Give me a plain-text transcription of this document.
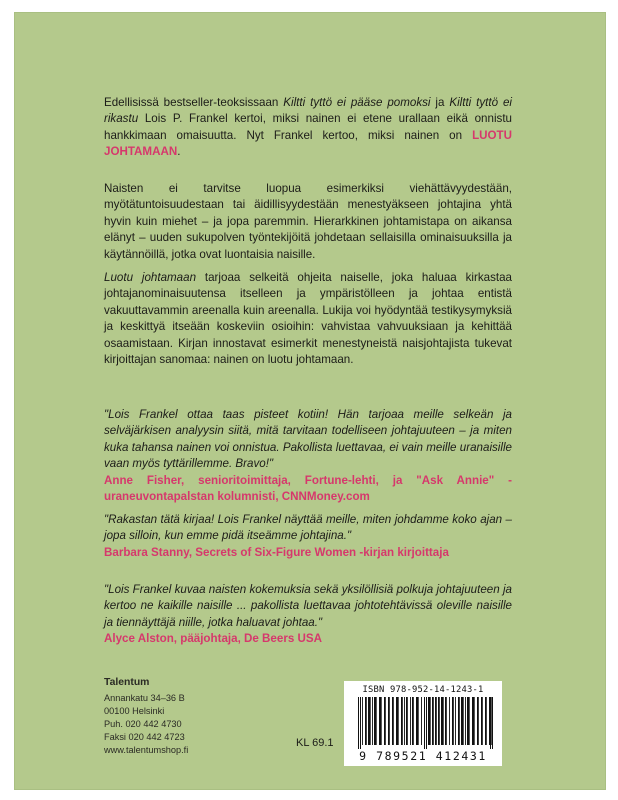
Edellisissä bestseller-teoksissaan Kiltti tyttö ei pääse pomoksi ja Kiltti tyttö ei rikastu Lois P. Frankel kertoi, miksi nainen ei etene urallaan eikä onnistu hankkimaan omaisuutta. Nyt Frankel kertoo, miksi nainen on LUOTU JOHTAMAAN.

Naisten ei tarvitse luopua esimerkiksi viehättävyydestään, myötätuntoisuudestaan tai äidillisyydestään menestyäkseen johtajina yhtä hyvin kuin miehet – ja jopa paremmin. Hierarkkinen johtamistapa on aikansa elänyt – uuden sukupolven työntekijöitä johdetaan sellaisilla ominaisuuksilla ja käytännöillä, jotka ovat luontaisia naisille.

Luotu johtamaan tarjoaa selkeitä ohjeita naiselle, joka haluaa kirkastaa johtajanominaisuutensa itselleen ja ympäristölleen ja johtaa entistä vakuuttavammin areenalla kuin areenalla. Lukija voi hyödyntää testikysymyksiä ja keskittyä itseään koskeviin osioihin: vahvistaa vahvuuksiaan ja kehittää osaamistaan. Kirjan innostavat esimerkit menestyneistä naisjohtajista tukevat kirjoittajan sanomaa: nainen on luotu johtamaan.

"Lois Frankel ottaa taas pisteet kotiin! Hän tarjoaa meille selkeän ja selväjärkisen analyysin siitä, mitä tarvitaan todelliseen johtajuuteen – ja miten kuka tahansa nainen voi onnistua. Pakollista luettavaa, ei vain meille uranaisille vaan myös tyttärillemme. Bravo!"
Anne Fisher, senioritoimittaja, Fortune-lehti, ja "Ask Annie" -uraneuvontapalstan kolumnisti, CNNMoney.com

"Rakastan tätä kirjaa! Lois Frankel näyttää meille, miten johdamme koko ajan – jopa silloin, kun emme pidä itseämme johtajina."
Barbara Stanny, Secrets of Six-Figure Women -kirjan kirjoittaja

"Lois Frankel kuvaa naisten kokemuksia sekä yksilöllisiä polkuja johtajuuteen ja kertoo ne kaikille naisille ... pakollista luettavaa johtotehtävissä oleville naisille ja tiennäyttäjä niille, jotka haluavat johtaa."
Alyce Alston, pääjohtaja, De Beers USA

Talentum
Annankatu 34–36 B
00100 Helsinki
Puh. 020 442 4730
Faksi 020 442 4723
www.talentumshop.fi
KL 69.1
ISBN 978-952-14-1243-1
9 789521 412431
